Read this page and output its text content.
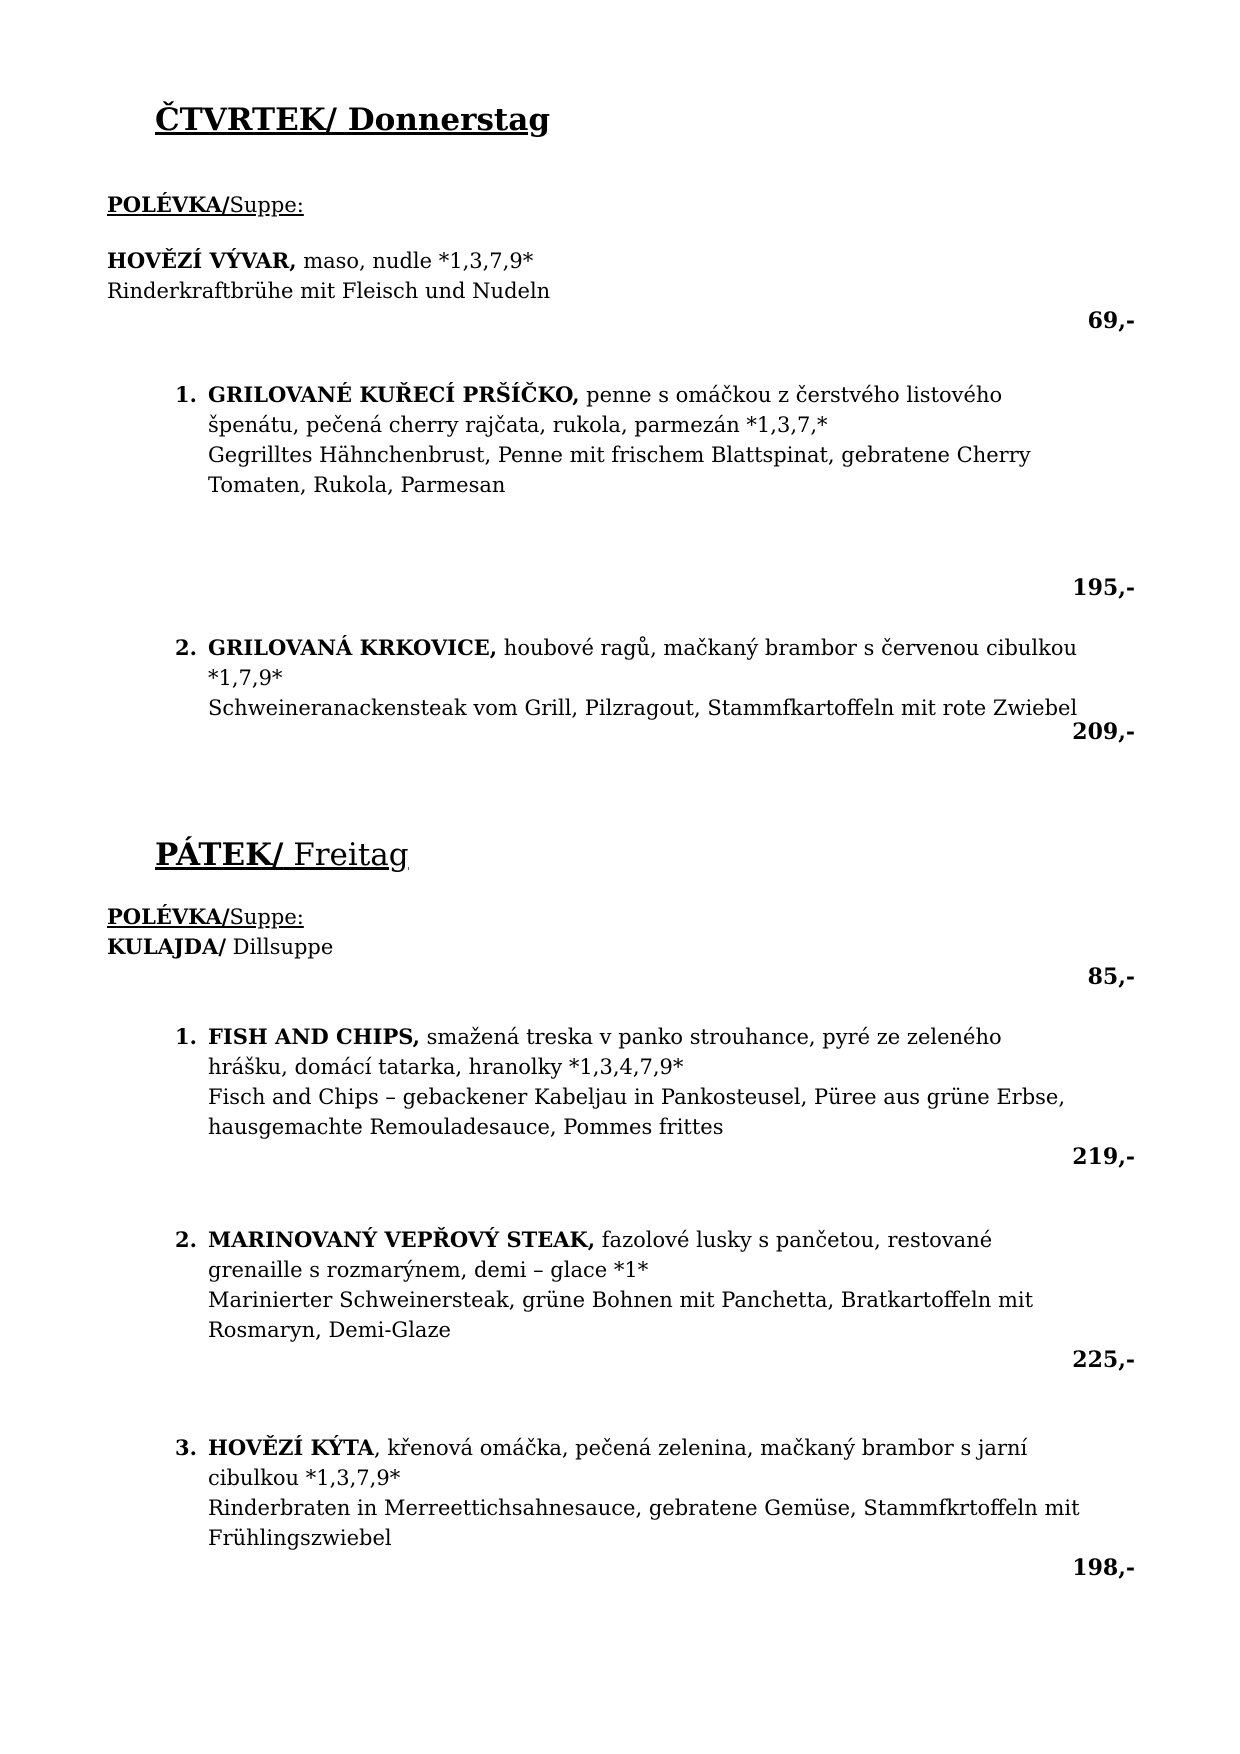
ČTVRTEK/ Donnerstag
POLÉVKA/Suppe:
HOVĚZÍ VÝVAR, maso, nudle *1,3,7,9*
Rinderkraftbrühe mit Fleisch und Nudeln
69,-
1. GRILOVANÉ KUŘECÍ PRŠÍČKO, penne s omáčkou z čerstvého listového špenátu, pečená cherry rajčata, rukola, parmezán *1,3,7,*
Gegrilltes Hähnchenbrust, Penne mit frischem Blattspinat, gebratene Cherry Tomaten, Rukola, Parmesan
195,-
2. GRILOVANÁ KRKOVICE, houbové ragů, mačkaný brambor s červenou cibulkou *1,7,9*
Schweineranackensteak vom Grill, Pilzragout, Stammfkartoffeln mit rote Zwiebel
209,-
PÁTEK/ Freitag
POLÉVKA/Suppe:
KULAJDA/ Dillsuppe
85,-
1. FISH AND CHIPS, smažená treska v panko strouhance, pyré ze zeleného hrášku, domácí tatarka, hranolky *1,3,4,7,9*
Fisch and Chips – gebackener Kabeljau in Pankosteusel, Püree aus grüne Erbse, hausgemachte Remouladesauce, Pommes frittes
219,-
2. MARINOVANÝ VEPŘOVÝ STEAK, fazolové lusky s pančetou, restované grenaille s rozmarýnem, demi – glace *1*
Marinierter Schweinersteak, grüne Bohnen mit Panchetta, Bratkartoffeln mit Rosmaryn, Demi-Glaze
225,-
3. HOVĚZÍ KÝTA, křenová omáčka, pečená zelenina, mačkaný brambor s jarní cibulkou *1,3,7,9*
Rinderbraten in Merreettichsahnesauce, gebratene Gemüse, Stammfkrtoffeln mit Frühlingszwiebel
198,-
